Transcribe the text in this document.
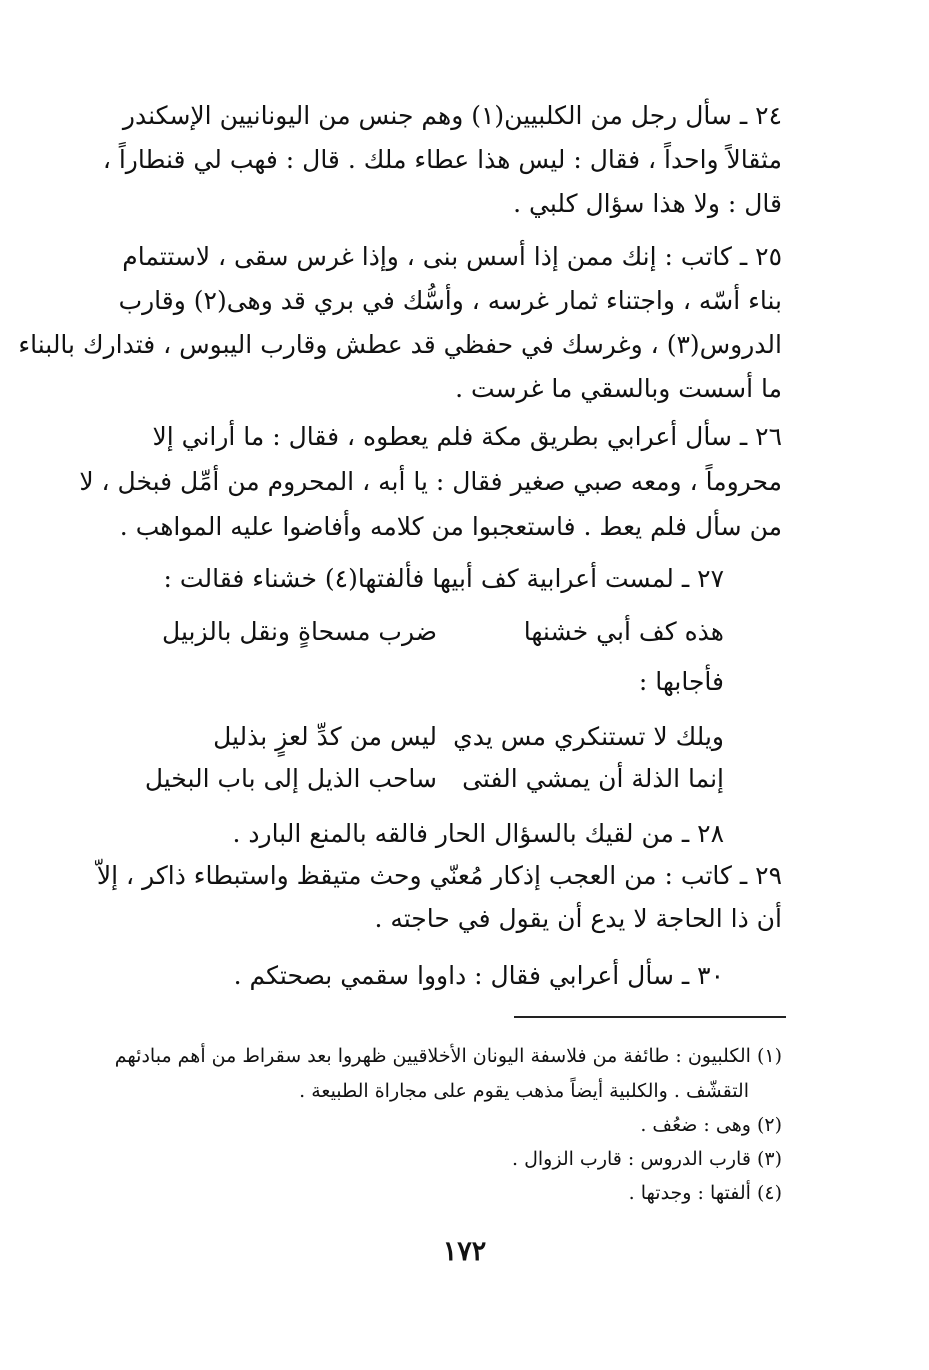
٢٤ ـ سأل رجل من الكلبيين(١) وهم جنس من اليونانيين الإسكندر
مثقالاً واحداً ، فقال : ليس هذا عطاء ملك . قال : فهب لي قنطاراً ،
قال : ولا هذا سؤال كلبي .
٢٥ ـ كاتب : إنك ممن إذا أسس بنى ، وإذا غرس سقى ، لاستتمام
بناء أسّه ، واجتناء ثمار غرسه ، وأسُّك في بري قد وهى(٢) وقارب
الدروس(٣) ، وغرسك في حفظي قد عطش وقارب اليبوس ، فتدارك بالبناء
ما أسست وبالسقي ما غرست .
٢٦ ـ سأل أعرابي بطريق مكة فلم يعطوه ، فقال : ما أراني إلا
محروماً ، ومعه صبي صغير فقال : يا أبه ، المحروم من أمِّل فبخل ، لا
من سأل فلم يعط . فاستعجبوا من كلامه وأفاضوا عليه المواهب .
٢٧ ـ لمست أعرابية كف أبيها فألفتها(٤) خشناء فقالت :
هذه كف أبي خشنها
ضرب مسحاةٍ ونقل بالزبيل
فأجابها :
ويلك لا تستنكري مس يدي
ليس من كدِّ لعزٍ بذليل
إنما الذلة أن يمشي الفتى
ساحب الذيل إلى باب البخيل
٢٨ ـ من لقيك بالسؤال الحار فالقه بالمنع البارد .
٢٩ ـ كاتب : من العجب إذكار مُعنّي وحث متيقظ واستبطاء ذاكر ، إلاّ
أن ذا الحاجة لا يدع أن يقول في حاجته .
٣٠ ـ سأل أعرابي فقال : داووا سقمي بصحتكم .
(١) الكلبيون : طائفة من فلاسفة اليونان الأخلاقيين ظهروا بعد سقراط من أهم مبادئهم
التقشّف . والكلبية أيضاً مذهب يقوم على مجاراة الطبيعة .
(٢) وهى : ضعُف .
(٣) قارب الدروس : قارب الزوال .
(٤) ألفتها : وجدتها .
١٧٢
